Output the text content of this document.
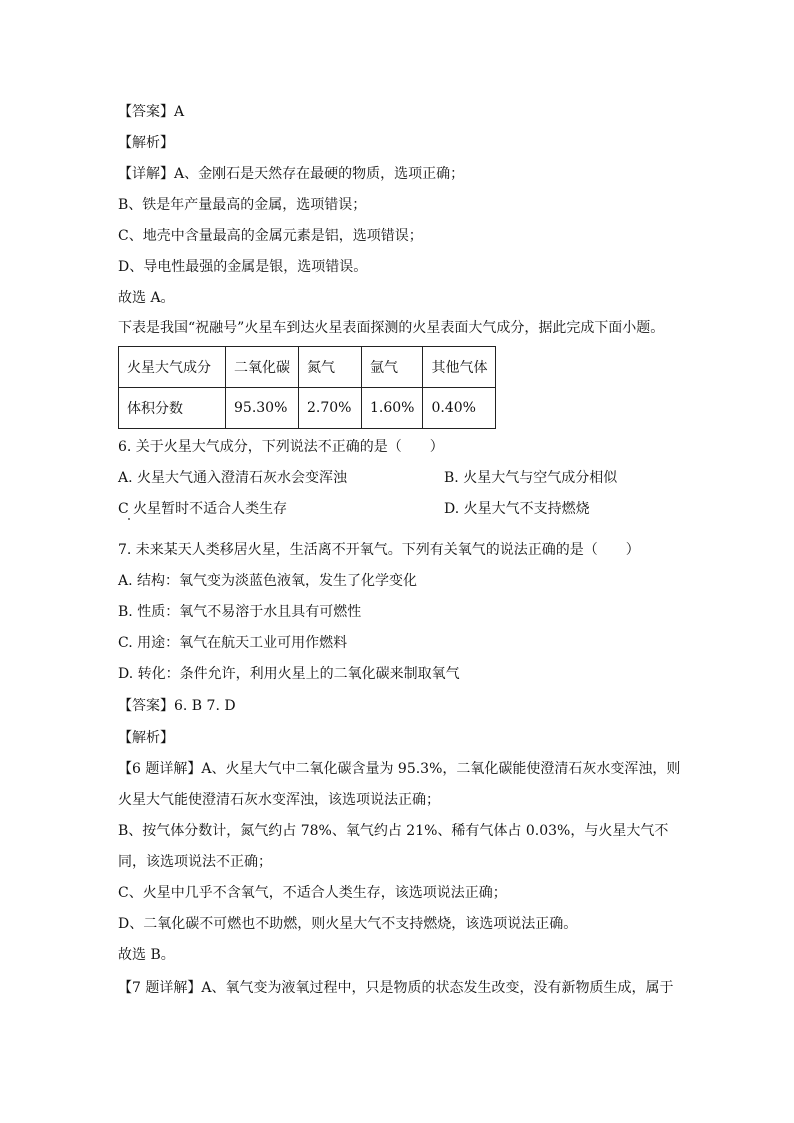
【答案】A
【解析】
【详解】A、金刚石是天然存在最硬的物质，选项正确；
B、铁是年产量最高的金属，选项错误；
C、地壳中含量最高的金属元素是铝，选项错误；
D、导电性最强的金属是银，选项错误。
故选 A。
下表是我国“祝融号”火星车到达火星表面探测的火星表面大气成分，据此完成下面小题。
火星大气成分	二氧化碳	氮气	氩气	其他气体
体积分数	95.30%	2.70%	1.60%	0.40%
6. 关于火星大气成分，下列说法不正确的是（　　）
A. 火星大气通入澄清石灰水会变浑浊	B. 火星大气与空气成分相似
C 火星暂时不适合人类生存	D. 火星大气不支持燃烧
7. 未来某天人类移居火星，生活离不开氧气。下列有关氧气的说法正确的是（　　）
A. 结构：氧气变为淡蓝色液氧，发生了化学变化
B. 性质：氧气不易溶于水且具有可燃性
C. 用途：氧气在航天工业可用作燃料
D. 转化：条件允许，利用火星上的二氧化碳来制取氧气
【答案】6. B 7. D
【解析】
【6 题详解】A、火星大气中二氧化碳含量为 95.3%，二氧化碳能使澄清石灰水变浑浊，则
火星大气能使澄清石灰水变浑浊，该选项说法正确；
B、按气体分数计，氮气约占 78%、氧气约占 21%、稀有气体占 0.03%，与火星大气不
同，该选项说法不正确；
C、火星中几乎不含氧气，不适合人类生存，该选项说法正确；
D、二氧化碳不可燃也不助燃，则火星大气不支持燃烧，该选项说法正确。
故选 B。
【7 题详解】A、氧气变为液氧过程中，只是物质的状态发生改变，没有新物质生成，属于
